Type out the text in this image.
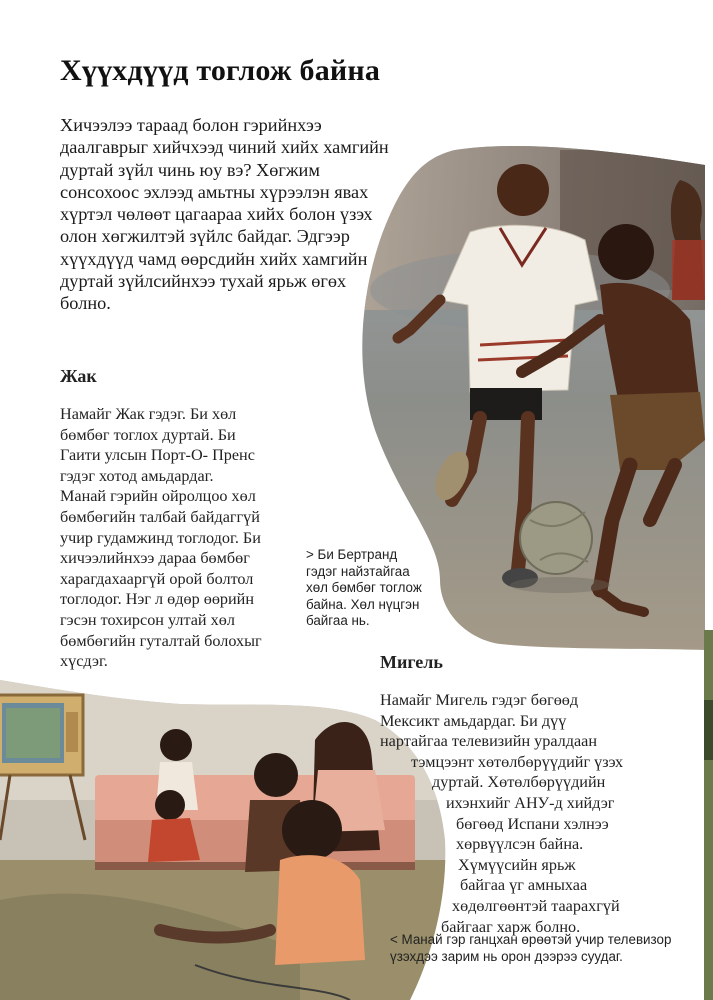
Хүүхдүүд тоглож байна

Хичээлээ тараад болон гэрийнхээ даалгаврыг хийчхээд чиний хийх хамгийн дуртай зүйл чинь юу вэ? Хөгжим сонсохоос эхлээд амьтны хүрээлэн явах хүртэл чөлөөт цагаараа хийх болон үзэх олон хөгжилтэй зүйлс байдаг. Эдгээр хүүхдүүд чамд өөрсдийн хийх хамгийн дуртай зүйлсийнхээ тухай ярьж өгөх болно.

Жак
Намайг Жак гэдэг. Би хөл
бөмбөг тоглох дуртай. Би
Гаити улсын Порт-О- Пренс
гэдэг хотод амьдардаг.
Манай гэрийн ойролцоо хөл
бөмбөгийн талбай байдаггүй
учир гудамжинд тоглодог. Би
хичээлийнхээ дараа бөмбөг
харагдахааргүй орой болтол
тоглодог. Нэг л өдөр өөрийн
гэсэн тохирсон ултай хөл
бөмбөгийн гуталтай болохыг
хүсдэг.
> Би Бертранд
гэдэг найзтайгаа
хөл бөмбөг тоглож
байна. Хөл нүцгэн
байгаа нь.
Мигель
Намайг Мигель гэдэг бөгөөд
Мексикт амьдардаг. Би дүү
нартайгаа телевизийн уралдаан
тэмцээнт хөтөлбөрүүдийг үзэх
дуртай. Хөтөлбөрүүдийн
ихэнхийг АНУ-д хийдэг
бөгөөд Испани хэлнээ
хөрвүүлсэн байна.
Хүмүүсийн ярьж
байгаа үг амныхаа
хөдөлгөөнтэй таарахгүй
байгааг харж болно.
< Манай гэр ганцхан өрөөтэй учир телевизор
үзэхдээ зарим нь орон дээрээ суудаг.
